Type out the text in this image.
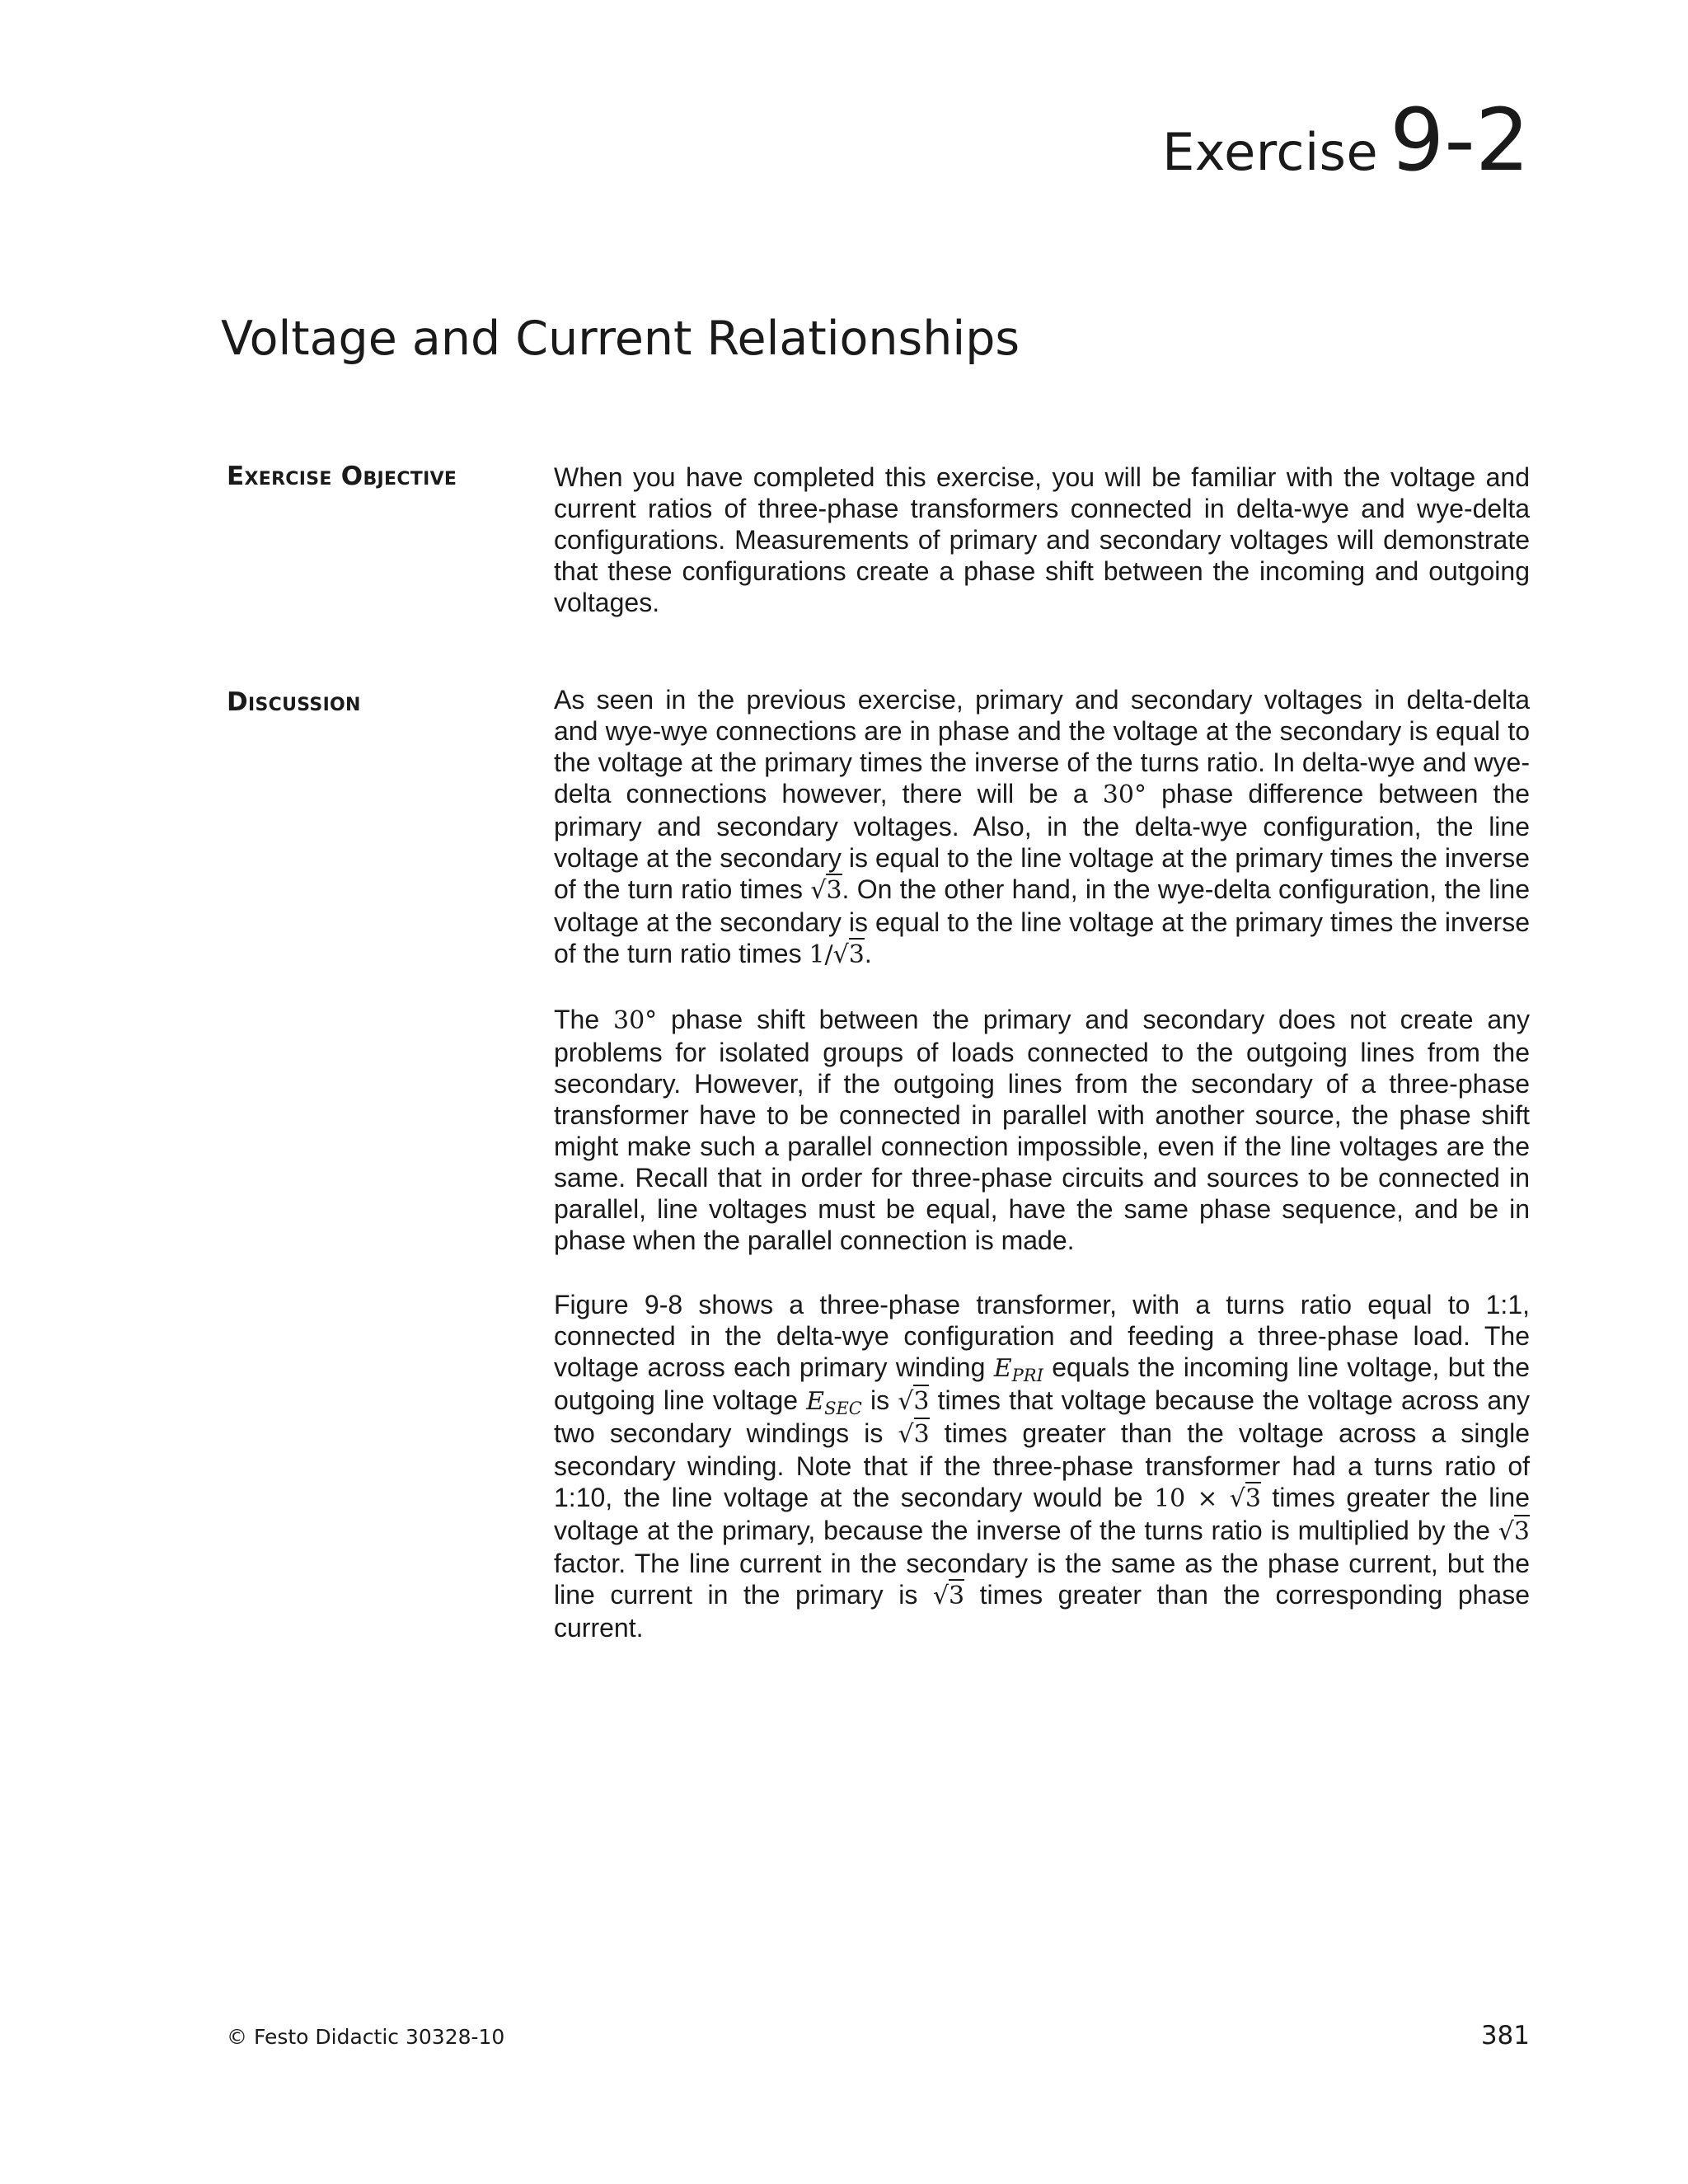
Exercise 9-2
Voltage and Current Relationships
Exercise Objective
Discussion

When you have completed this exercise, you will be familiar with the voltage and current ratios of three-phase transformers connected in delta-wye and wye-delta configurations. Measurements of primary and secondary voltages will demonstrate that these configurations create a phase shift between the incoming and outgoing voltages.

As seen in the previous exercise, primary and secondary voltages in delta-delta and wye-wye connections are in phase and the voltage at the secondary is equal to the voltage at the primary times the inverse of the turns ratio. In delta-wye and wye-delta connections however, there will be a 30° phase difference between the primary and secondary voltages. Also, in the delta-wye configuration, the line voltage at the secondary is equal to the line voltage at the primary times the inverse of the turn ratio times √3. On the other hand, in the wye-delta configuration, the line voltage at the secondary is equal to the line voltage at the primary times the inverse of the turn ratio times 1/√3.

The 30° phase shift between the primary and secondary does not create any problems for isolated groups of loads connected to the outgoing lines from the secondary. However, if the outgoing lines from the secondary of a three-phase transformer have to be connected in parallel with another source, the phase shift might make such a parallel connection impossible, even if the line voltages are the same. Recall that in order for three-phase circuits and sources to be connected in parallel, line voltages must be equal, have the same phase sequence, and be in phase when the parallel connection is made.

Figure 9-8 shows a three-phase transformer, with a turns ratio equal to 1:1, connected in the delta-wye configuration and feeding a three-phase load. The voltage across each primary winding $E_{PRI}$ equals the incoming line voltage, but the outgoing line voltage $E_{SEC}$ is √3 times that voltage because the voltage across any two secondary windings is √3 times greater than the voltage across a single secondary winding. Note that if the three-phase transformer had a turns ratio of 1:10, the line voltage at the secondary would be 10 × √3 times greater the line voltage at the primary, because the inverse of the turns ratio is multiplied by the √3 factor. The line current in the secondary is the same as the phase current, but the line current in the primary is √3 times greater than the corresponding phase current.

© Festo Didactic 30328-10	381
